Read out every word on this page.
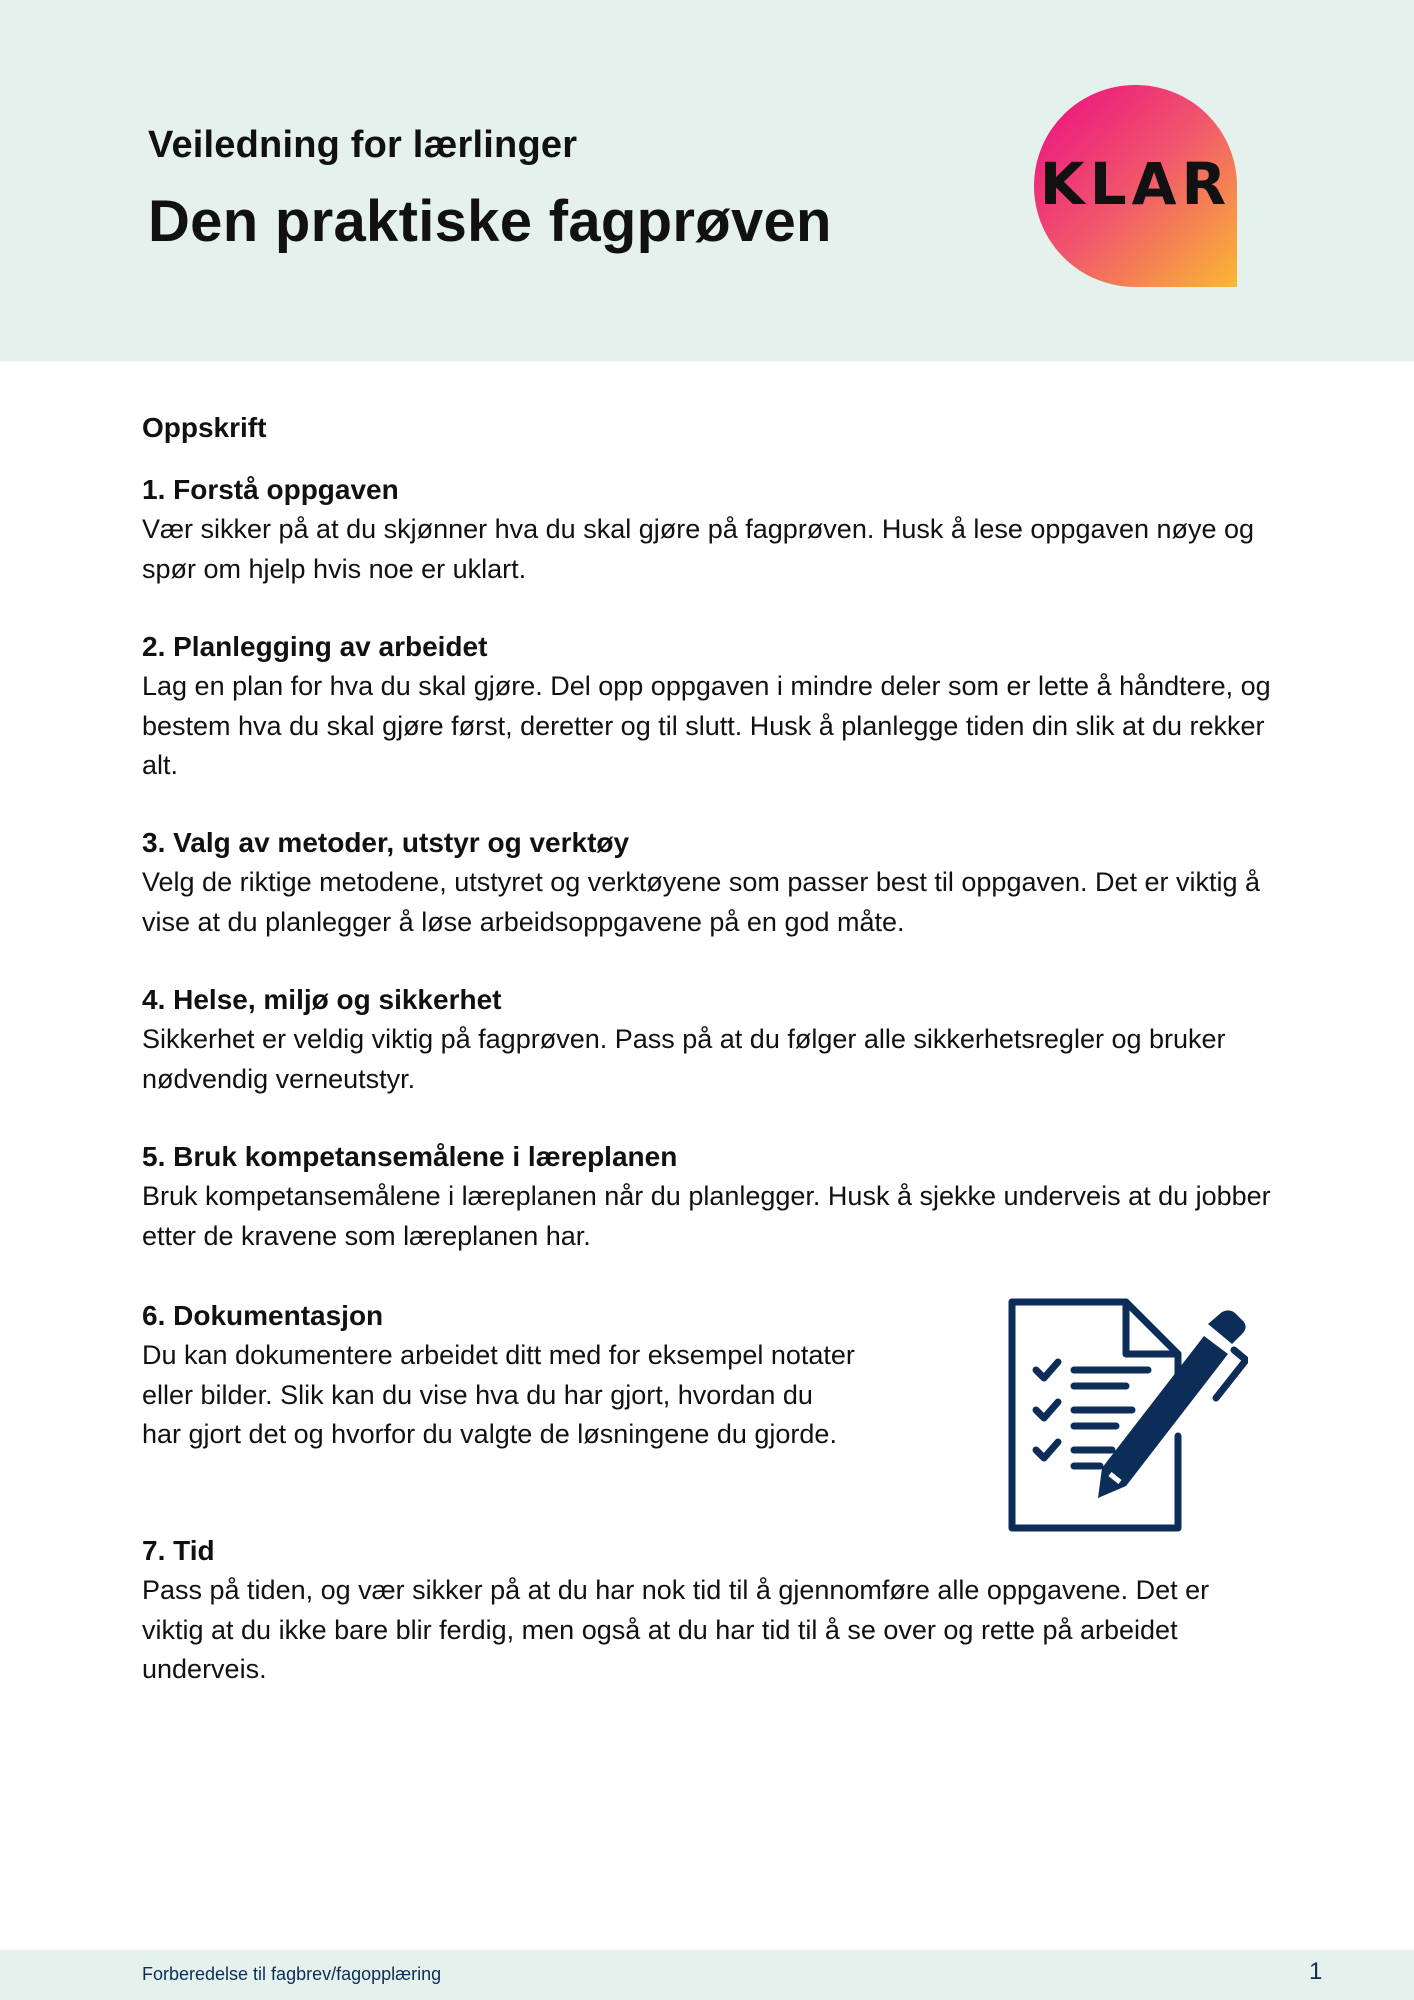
Veiledning for lærlinger
Den praktiske fagprøven
KLAR

Oppskrift

1. Forstå oppgaven

Vær sikker på at du skjønner hva du skal gjøre på fagprøven. Husk å lese oppgaven nøye og spør om hjelp hvis noe er uklart.

2. Planlegging av arbeidet

Lag en plan for hva du skal gjøre. Del opp oppgaven i mindre deler som er lette å håndtere, og bestem hva du skal gjøre først, deretter og til slutt. Husk å planlegge tiden din slik at du rekker alt.

3. Valg av metoder, utstyr og verktøy

Velg de riktige metodene, utstyret og verktøyene som passer best til oppgaven. Det er viktig å vise at du planlegger å løse arbeidsoppgavene på en god måte.

4. Helse, miljø og sikkerhet

Sikkerhet er veldig viktig på fagprøven. Pass på at du følger alle sikkerhetsregler og bruker nødvendig verneutstyr.

5. Bruk kompetansemålene i læreplanen

Bruk kompetansemålene i læreplanen når du planlegger. Husk å sjekke underveis at du jobber etter de kravene som læreplanen har.

6. Dokumentasjon

Du kan dokumentere arbeidet ditt med for eksempel notater eller bilder. Slik kan du vise hva du har gjort, hvordan du har gjort det og hvorfor du valgte de løsningene du gjorde.

7. Tid

Pass på tiden, og vær sikker på at du har nok tid til å gjennomføre alle oppgavene. Det er viktig at du ikke bare blir ferdig, men også at du har tid til å se over og rette på arbeidet underveis.

Forberedelse til fagbrev/fagopplæring	1
